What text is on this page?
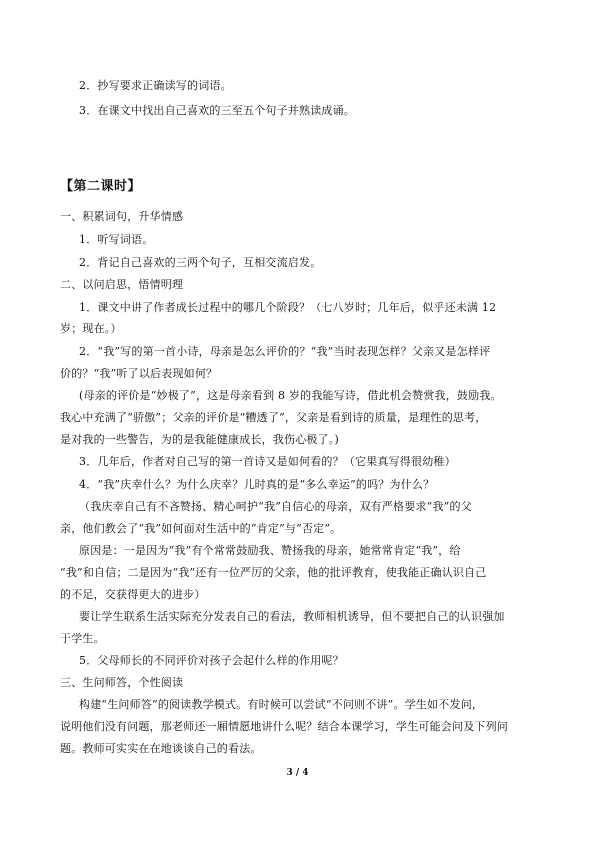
2．抄写要求正确读写的词语。
3．在课文中找出自己喜欢的三至五个句子并熟读成诵。
【第二课时】
一、积累词句，升华情感
1．听写词语。
2．背记自己喜欢的三两个句子，互相交流启发。
二、以问启思，悟情明理
1．课文中讲了作者成长过程中的哪几个阶段？（七八岁时；几年后，似乎还未满 12
岁；现在。）
2．“我”写的第一首小诗，母亲是怎么评价的？“我”当时表现怎样？父亲又是怎样评
价的？“我”听了以后表现如何？
(母亲的评价是“妙极了”，这是母亲看到 8 岁的我能写诗，借此机会赞赏我，鼓励我。
我心中充满了“骄傲”；父亲的评价是“糟透了”，父亲是看到诗的质量，是理性的思考，
是对我的一些警告，为的是我能健康成长，我伤心极了。)
3．几年后，作者对自己写的第一首诗又是如何看的？（它果真写得很幼稚）
4．“我”庆幸什么？为什么庆幸？儿时真的是“多么幸运”的吗？为什么？
（我庆幸自己有不吝赞扬、精心呵护“我”自信心的母亲，双有严格要求“我”的父
亲，他们教会了“我”如何面对生活中的“肯定”与“否定”。
原因是：一是因为“我”有个常常鼓励我、赞扬我的母亲，她常常肯定“我”，给
“我”和自信；二是因为“我”还有一位严厉的父亲，他的批评教育，使我能正确认识自己
的不足，交获得更大的进步）
要让学生联系生活实际充分发表自己的看法，教师相机诱导，但不要把自己的认识强加
于学生。
5．父母师长的不同评价对孩子会起什么样的作用呢？
三、生问师答，个性阅读
构建“生问师答”的阅读教学模式。有时候可以尝试“不问则不讲”。学生如不发问，
说明他们没有问题，那老师还一厢情愿地讲什么呢？结合本课学习，学生可能会问及下列问
题。教师可实实在在地谈谈自己的看法。
3 / 4
